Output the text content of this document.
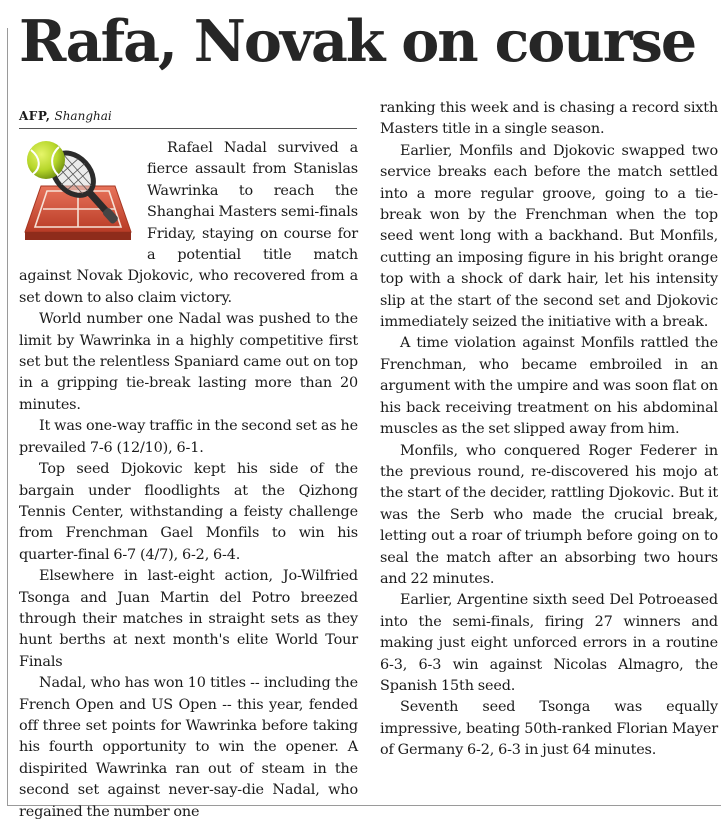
Rafa, Novak on course
AFP, Shanghai

Rafael Nadal survived a fierce assault from Stanislas Wawrinka to reach the Shanghai Masters semi-finals Friday, staying on course for a potential title match against Novak Djokovic, who recovered from a set down to also claim victory.

World number one Nadal was pushed to the limit by Wawrinka in a highly competitive first set but the relentless Spaniard came out on top in a gripping tie-break lasting more than 20 minutes.

It was one-way traffic in the second set as he prevailed 7-6 (12/10), 6-1.

Top seed Djokovic kept his side of the bargain under floodlights at the Qizhong Tennis Center, withstanding a feisty challenge from Frenchman Gael Monfils to win his quarter-final 6-7 (4/7), 6-2, 6-4.

Elsewhere in last-eight action, Jo-Wilfried Tsonga and Juan Martin del Potro breezed through their matches in straight sets as they hunt berths at next month's elite World Tour Finals

Nadal, who has won 10 titles -- including the French Open and US Open -- this year, fended off three set points for Wawrinka before taking his fourth opportunity to win the opener. A dispirited Wawrinka ran out of steam in the second set against never-say-die Nadal, who regained the number one

ranking this week and is chasing a record sixth Masters title in a single season.

Earlier, Monfils and Djokovic swapped two service breaks each before the match settled into a more regular groove, going to a tie-break won by the Frenchman when the top seed went long with a backhand. But Monfils, cutting an imposing figure in his bright orange top with a shock of dark hair, let his intensity slip at the start of the second set and Djokovic immediately seized the initiative with a break.

A time violation against Monfils rattled the Frenchman, who became embroiled in an argument with the umpire and was soon flat on his back receiving treatment on his abdominal muscles as the set slipped away from him.

Monfils, who conquered Roger Federer in the previous round, re-discovered his mojo at the start of the decider, rattling Djokovic. But it was the Serb who made the crucial break, letting out a roar of triumph before going on to seal the match after an absorbing two hours and 22 minutes.

Earlier, Argentine sixth seed Del Potroeased into the semi-finals, firing 27 winners and making just eight unforced errors in a routine 6-3, 6-3 win against Nicolas Almagro, the Spanish 15th seed.

Seventh seed Tsonga was equally impressive, beating 50th-ranked Florian Mayer of Germany 6-2, 6-3 in just 64 minutes.
